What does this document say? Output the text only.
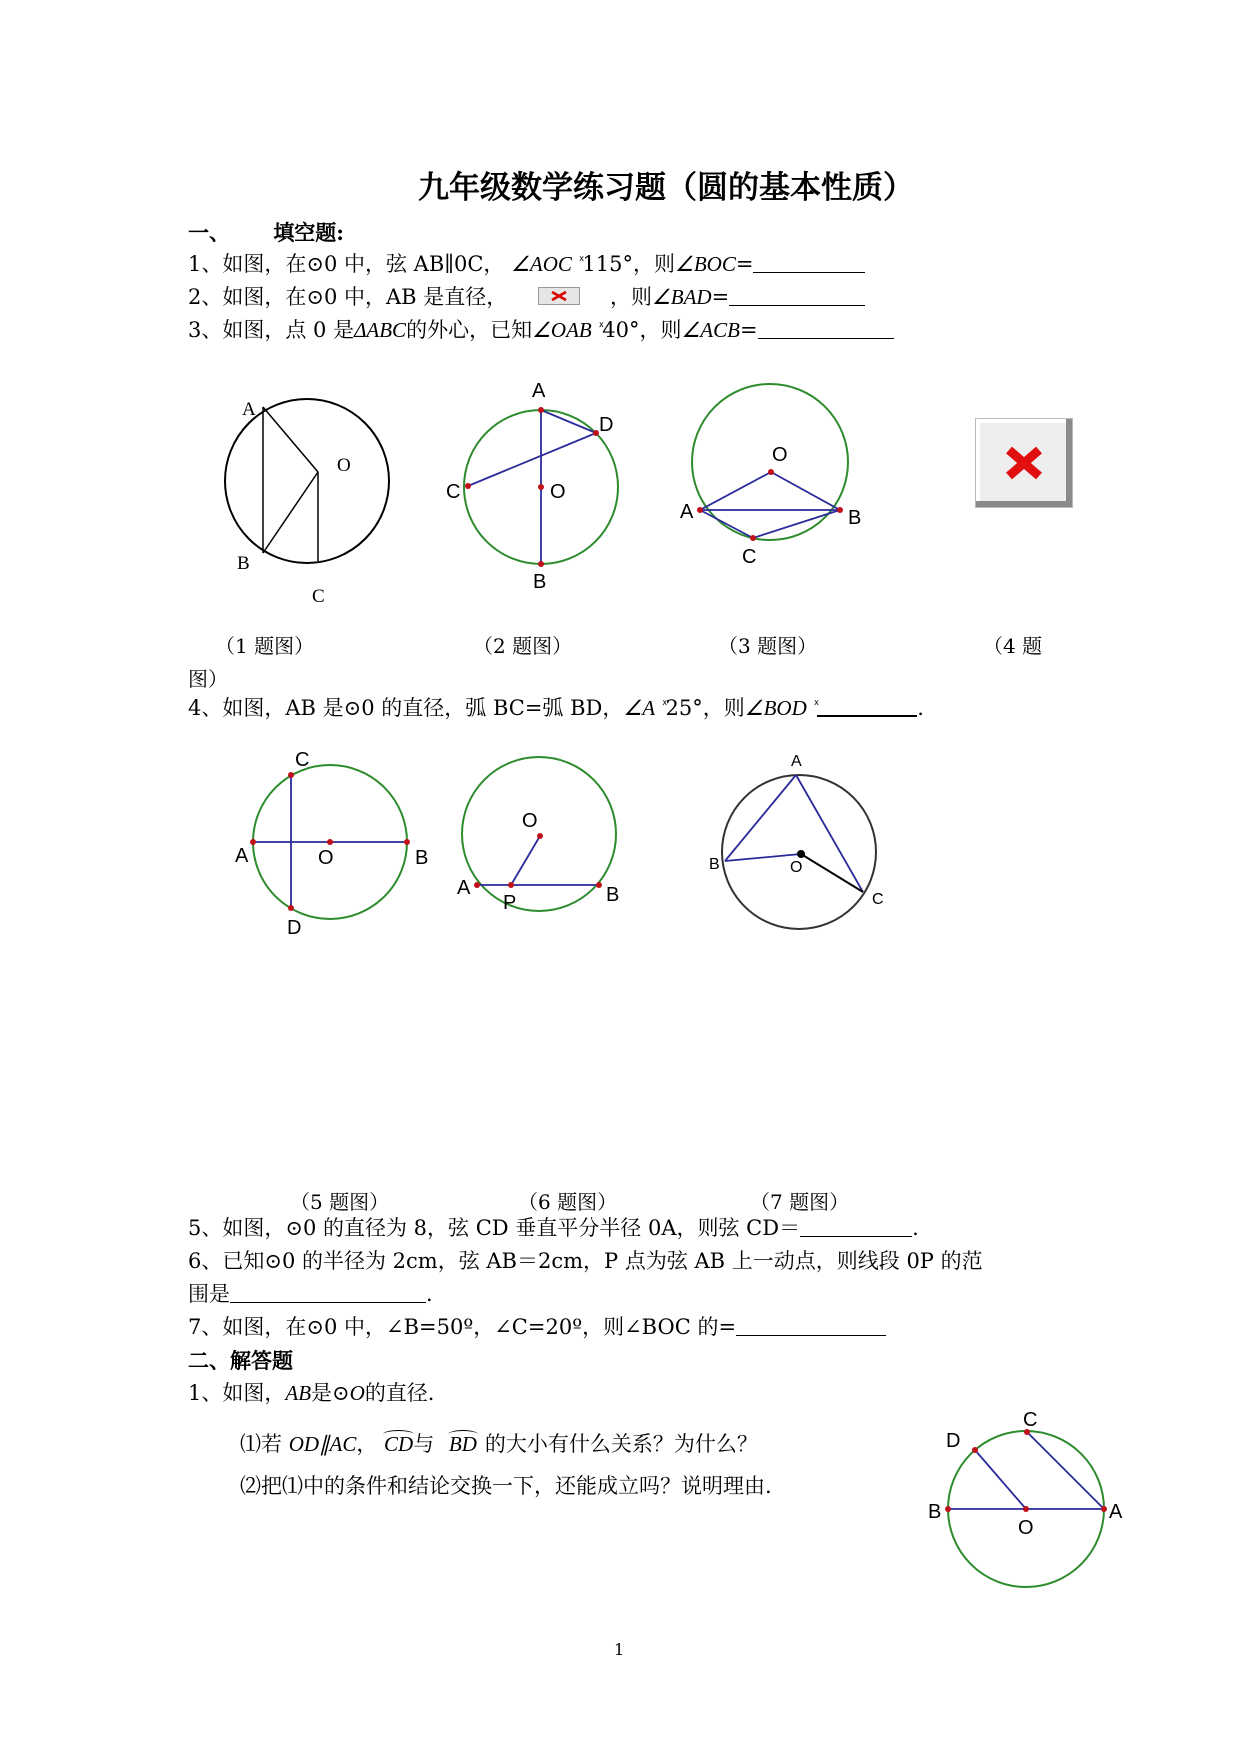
九年级数学练习题（圆的基本性质）
一、 填空题:
1、如图，在⊙0 中，弦 AB∥0C， ∠AOC $^ᕽ$115°，则∠BOC=
2、如图，在⊙0 中，AB 是直径，	，则∠BAD=
3、如图，点 0 是ΔABC的外心，已知∠OAB $^ᕽ$40°，则∠ACB=
A
O
B
C
A
D
C	O
B
O
A	B
C
（1 题图）	（2 题图）	（3 题图）	（4 题
图）
4、如图，AB 是⊙0 的直径，弧 BC=弧 BD，∠A $^ᕽ$25°，则∠BOD $^ᕽ$	.
C
A	O	B
D
O
A	B
P
A
B	O
C
（5 题图）	（6 题图）	（7 题图）
5、如图，⊙0 的直径为 8，弦 CD 垂直平分半径 0A，则弦 CD＝	.
6、已知⊙0 的半径为 2cm，弦 AB＝2cm，P 点为弦 AB 上一动点，则线段 0P 的范
围是	.
7、如图，在⊙0 中，∠B=50º，∠C=20º，则∠BOC 的=
二、解答题
1、如图，AB是⊙O的直径.
⑴若 OD∥AC， CD与 BD 的大小有什么关系？为什么？
⑵把⑴中的条件和结论交换一下，还能成立吗？说明理由.
C
D
B
O
A
1
